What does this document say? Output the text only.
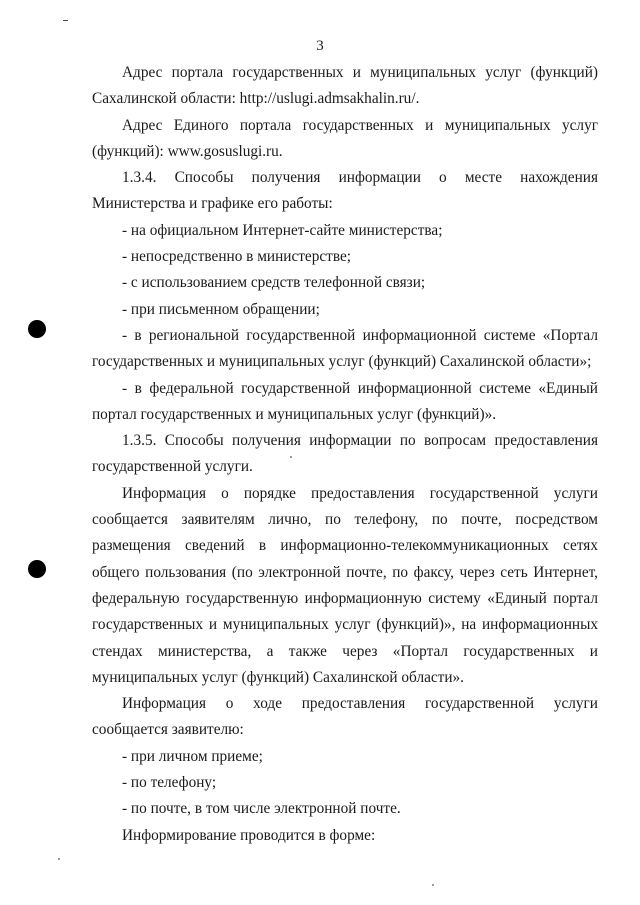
3

Адрес портала государственных и муниципальных услуг (функций) Сахалинской области: http://uslugi.admsakhalin.ru/.

Адрес Единого портала государственных и муниципальных услуг (функций): www.gosuslugi.ru.

1.3.4. Способы получения информации о месте нахождения Министерства и графике его работы:

- на официальном Интернет-сайте министерства;

- непосредственно в министерстве;

- с использованием средств телефонной связи;

- при письменном обращении;

- в региональной государственной информационной системе «Портал государственных и муниципальных услуг (функций) Сахалинской области»;

- в федеральной государственной информационной системе «Единый портал государственных и муниципальных услуг (функций)».

1.3.5. Способы получения информации по вопросам предоставления государственной услуги.

Информация о порядке предоставления государственной услуги сообщается заявителям лично, по телефону, по почте, посредством размещения сведений в информационно-телекоммуникационных сетях общего пользования (по электронной почте, по факсу, через сеть Интернет, федеральную государственную информационную систему «Единый портал государственных и муниципальных услуг (функций)», на информационных стендах министерства, а также через «Портал государственных и муниципальных услуг (функций) Сахалинской области».

Информация о ходе предоставления государственной услуги сообщается заявителю:

- при личном приеме;

- по телефону;

- по почте, в том числе электронной почте.

Информирование проводится в форме:
